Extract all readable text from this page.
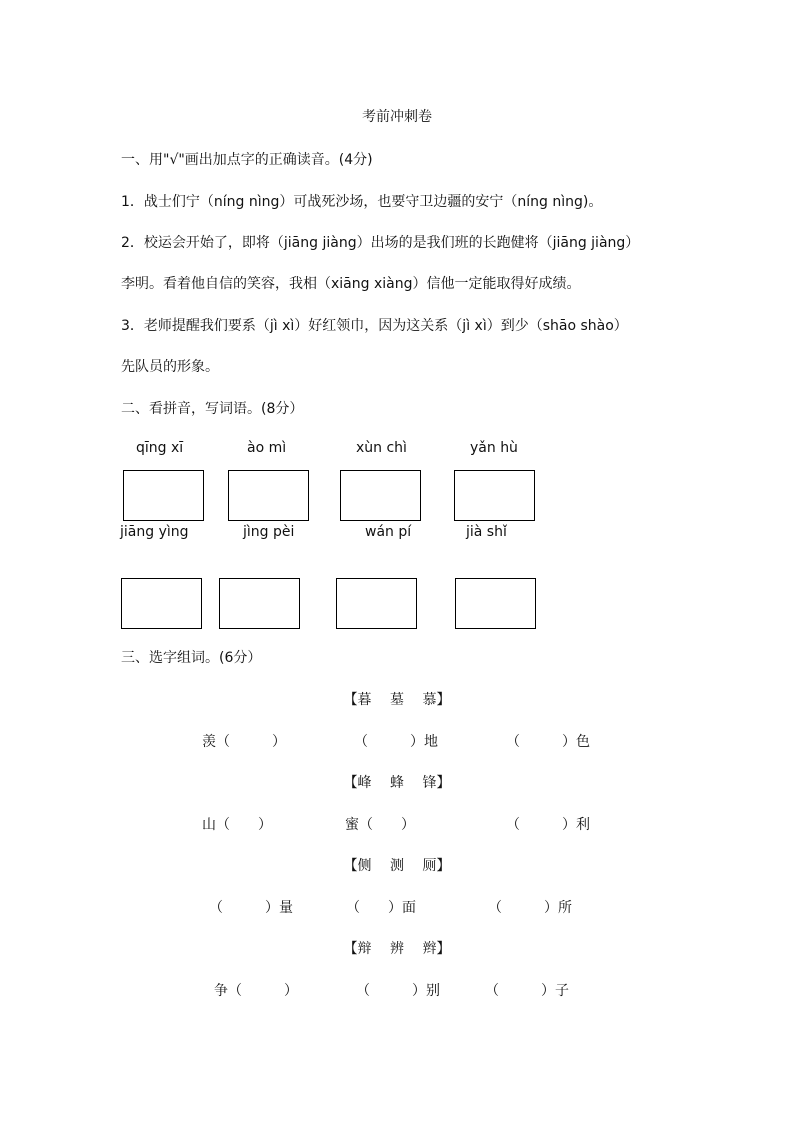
考前冲刺卷
一、用"√"画出加点字的正确读音。(4分)
1．战士们宁（níng nìng）可战死沙场，也要守卫边疆的安宁（níng nìng)。
2．校运会开始了，即将（jiāng jiàng）出场的是我们班的长跑健将（jiāng jiàng）
李明。看着他自信的笑容，我相（xiāng xiàng）信他一定能取得好成绩。
3．老师提醒我们要系（jì xì）好红领巾，因为这关系（jì xì）到少（shāo shào）
先队员的形象。
二、看拼音，写词语。(8分）
qīng xī	ào mì	xùn chì	yǎn hù
jiāng yìng	jìng pèi	wán pí	jià shǐ
三、选字组词。(6分）
【暮　 墓　 慕】
羡（　　　）	（　　　）地	（　　　）色
【峰　 蜂　 锋】
山（　　）	蜜（　　）	（　　　）利
【侧　 测　 厕】
（　　　）量	（　　）面	（　　　）所
【辩　 辨　 辫】
争（　　　）	（　　　）别	（　　　）子
